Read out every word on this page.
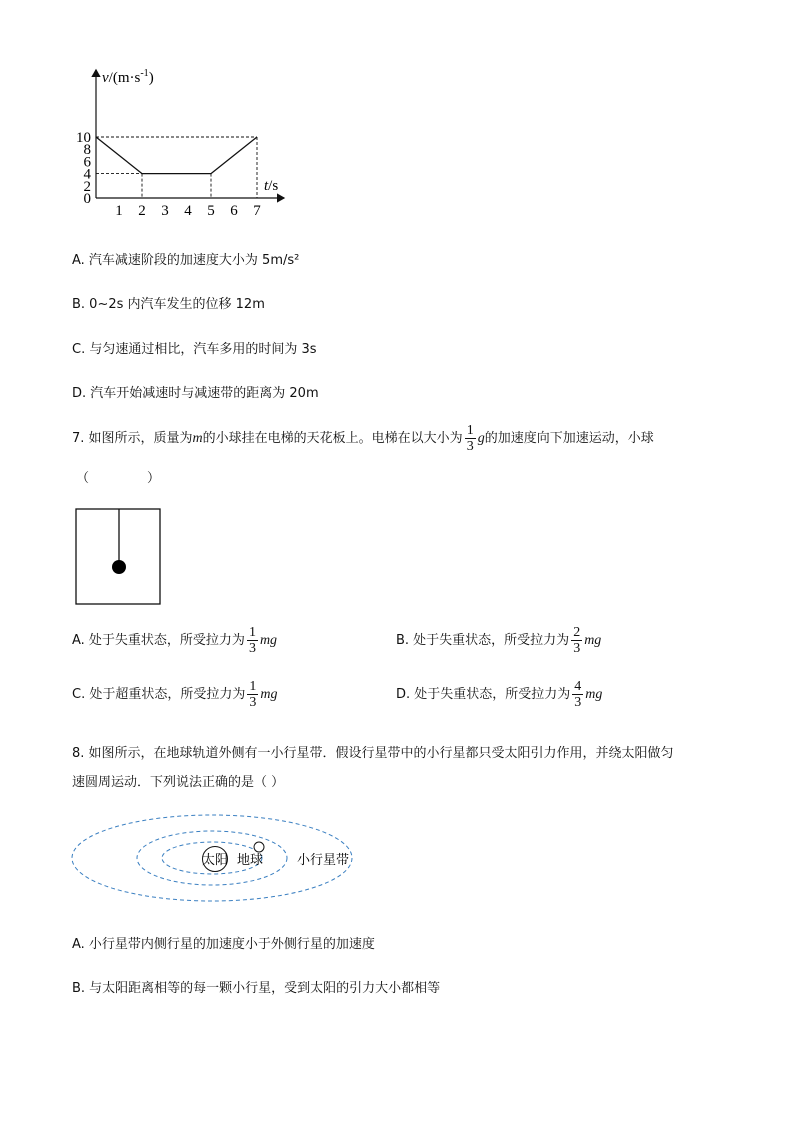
10
8
6
4
2
0
1 2 3 4 5 6 7
$v/(m\cdot s^{-1})$
t/s
A. 汽车减速阶段的加速度大小为 5m/s²
B. 0~2s 内汽车发生的位移 12m
C. 与匀速通过相比，汽车多用的时间为 3s
D. 汽车开始减速时与减速带的距离为 20m
7. 如图所示，质量为m的小球挂在电梯的天花板上。电梯在以大小为 $\frac{1}{3}$ g的加速度向下加速运动，小球
（	）
A. 处于失重状态，所受拉力为 $\frac{1}{3}$ mg	B. 处于失重状态，所受拉力为 $\frac{2}{3}$ mg
C. 处于超重状态，所受拉力为 $\frac{1}{3}$ mg	D. 处于失重状态，所受拉力为 $\frac{4}{3}$ mg
8. 如图所示，在地球轨道外侧有一小行星带．假设行星带中的小行星都只受太阳引力作用，并绕太阳做匀
速圆周运动．下列说法正确的是（ ）
太阳 地球	小行星带
A. 小行星带内侧行星的加速度小于外侧行星的加速度
B. 与太阳距离相等的每一颗小行星，受到太阳的引力大小都相等
